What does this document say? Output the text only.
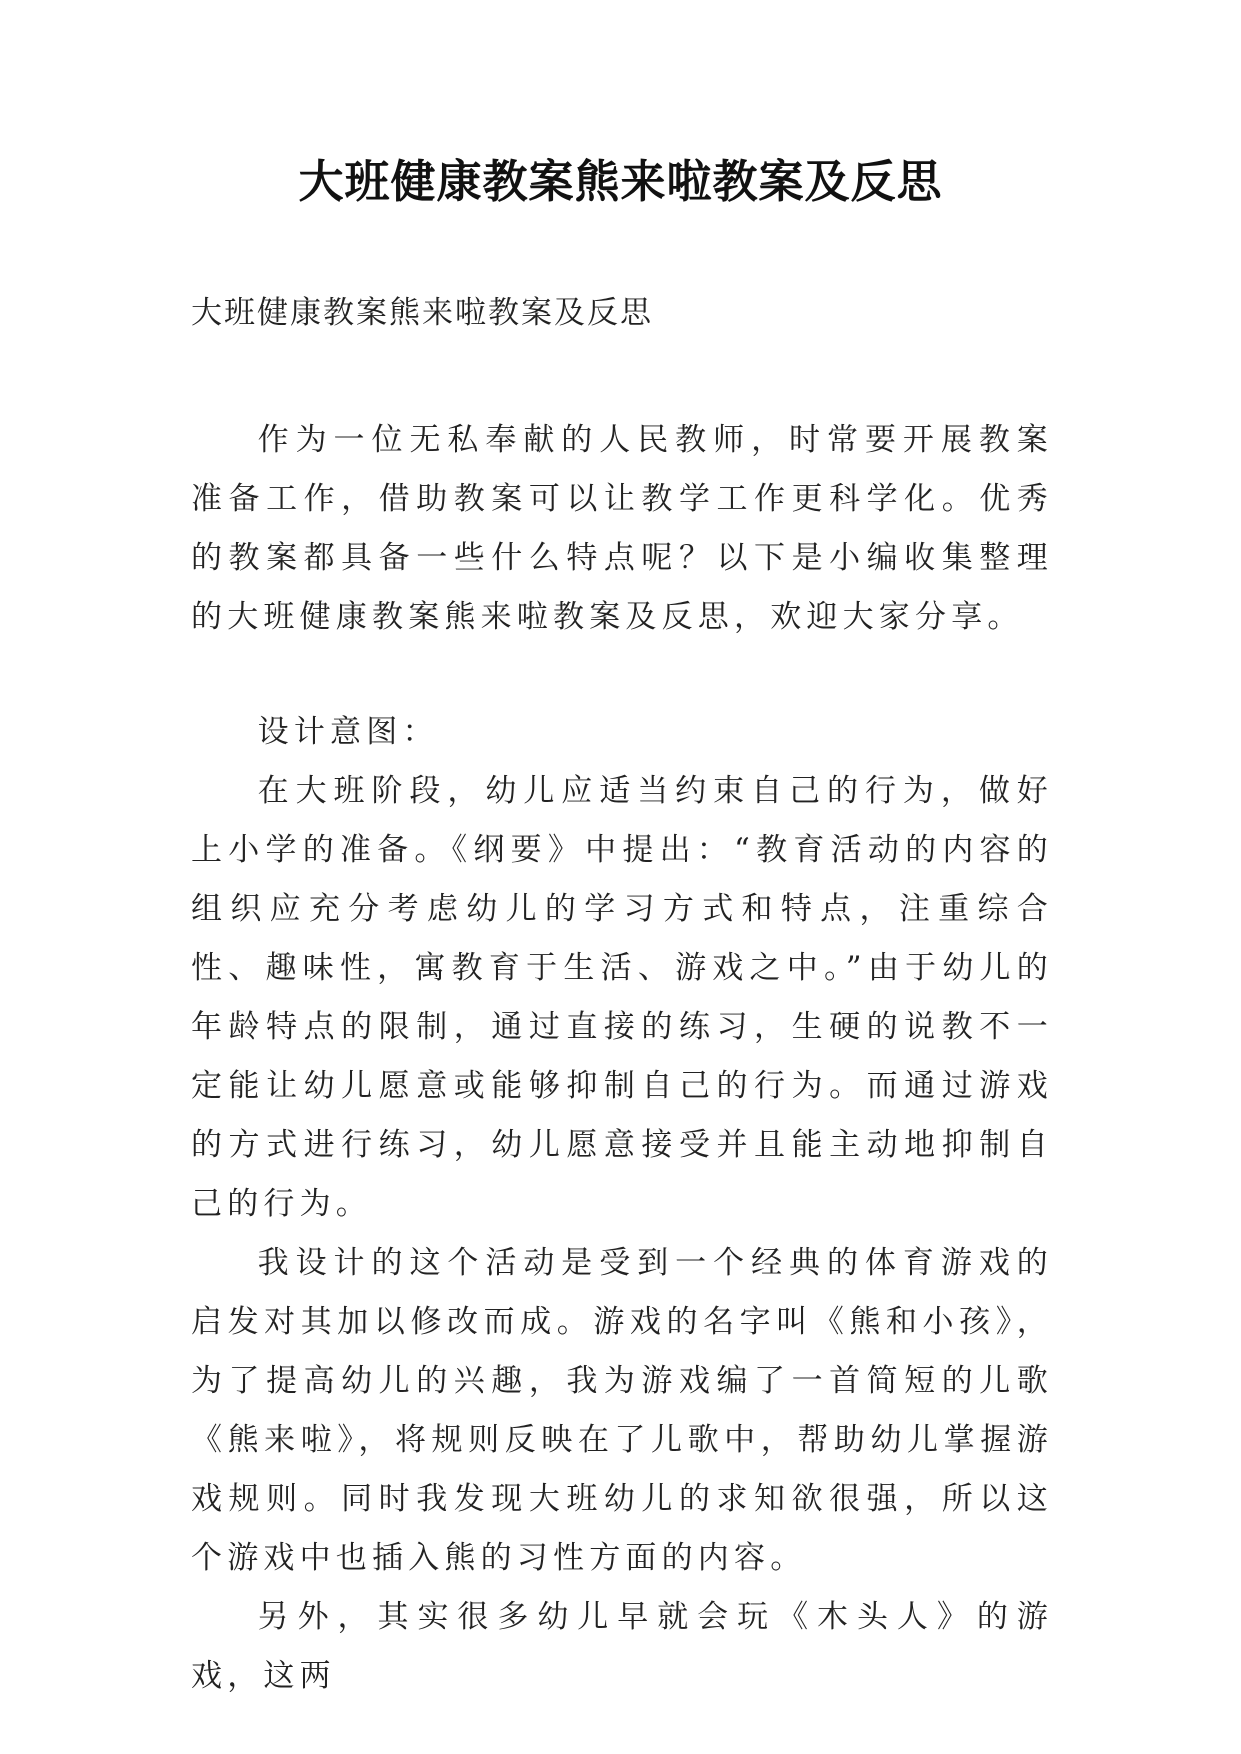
大班健康教案熊来啦教案及反思
大班健康教案熊来啦教案及反思

作为一位无私奉献的人民教师，时常要开展教案准备工作，借助教案可以让教学工作更科学化。优秀的教案都具备一些什么特点呢？以下是小编收集整理的大班健康教案熊来啦教案及反思，欢迎大家分享。

设计意图：

在大班阶段，幼儿应适当约束自己的行为，做好上小学的准备。《纲要》中提出：“教育活动的内容的组织应充分考虑幼儿的学习方式和特点，注重综合性、趣味性，寓教育于生活、游戏之中。”由于幼儿的年龄特点的限制，通过直接的练习，生硬的说教不一定能让幼儿愿意或能够抑制自己的行为。而通过游戏的方式进行练习，幼儿愿意接受并且能主动地抑制自己的行为。

我设计的这个活动是受到一个经典的体育游戏的启发对其加以修改而成。游戏的名字叫《熊和小孩》，为了提高幼儿的兴趣，我为游戏编了一首简短的儿歌《熊来啦》，将规则反映在了儿歌中，帮助幼儿掌握游戏规则。同时我发现大班幼儿的求知欲很强，所以这个游戏中也插入熊的习性方面的内容。

另外，其实很多幼儿早就会玩《木头人》的游戏，这两
